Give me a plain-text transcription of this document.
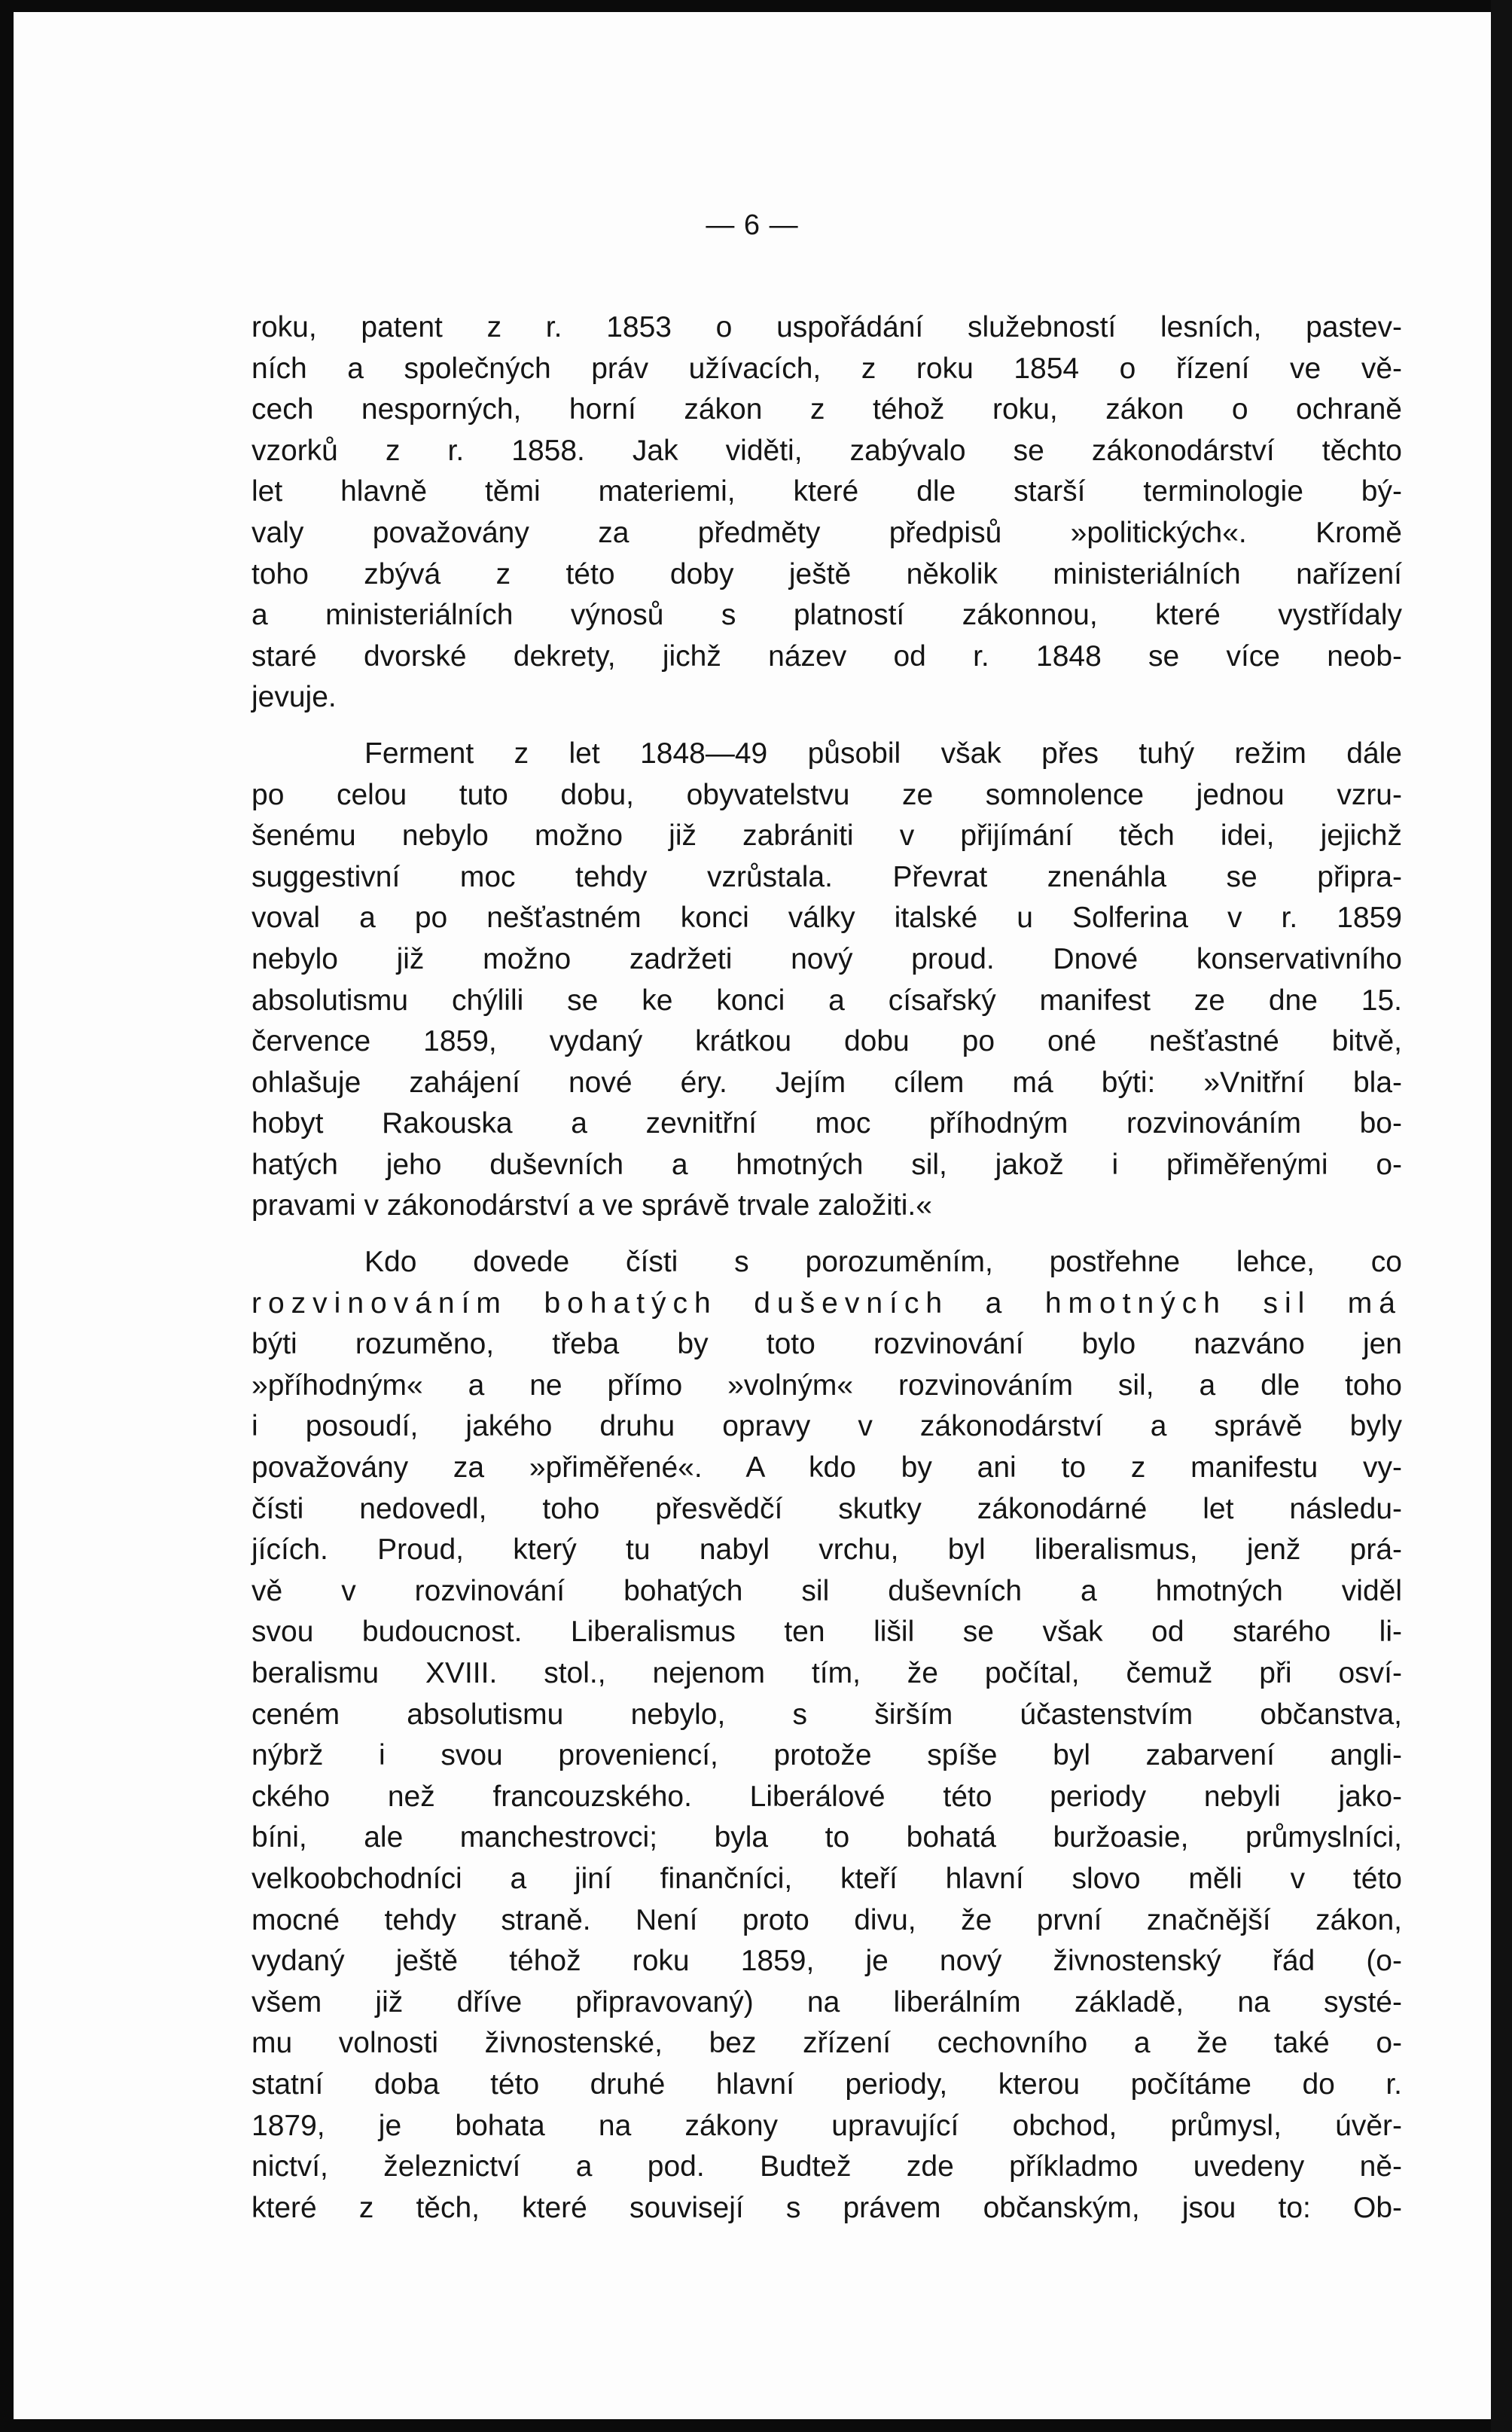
— 6 —
roku, patent z r. 1853 o uspořádání služebností lesních, pastev-
ních a společných práv užívacích, z roku 1854 o řízení ve vě-
cech nesporných, horní zákon z téhož roku, zákon o ochraně
vzorků z r. 1858. Jak viděti, zabývalo se zákonodárství těchto
let hlavně těmi materiemi, které dle starší terminologie bý-
valy považovány za předměty předpisů »politických«. Kromě
toho zbývá z této doby ještě několik ministeriálních nařízení
a ministeriálních výnosů s platností zákonnou, které vystřídaly
staré dvorské dekrety, jichž název od r. 1848 se více neob-
jevuje.
Ferment z let 1848—49 působil však přes tuhý režim dále
po celou tuto dobu, obyvatelstvu ze somnolence jednou vzru-
šenému nebylo možno již zabrániti v přijímání těch idei, jejichž
suggestivní moc tehdy vzrůstala. Převrat znenáhla se připra-
voval a po nešťastném konci války italské u Solferina v r. 1859
nebylo již možno zadržeti nový proud. Dnové konservativního
absolutismu chýlili se ke konci a císařský manifest ze dne 15.
července 1859, vydaný krátkou dobu po oné nešťastné bitvě,
ohlašuje zahájení nové éry. Jejím cílem má býti: »Vnitřní bla-
hobyt Rakouska a zevnitřní moc příhodným rozvinováním bo-
hatých jeho duševních a hmotných sil, jakož i přiměřenými o-
pravami v zákonodárství a ve správě trvale založiti.«
Kdo dovede čísti s porozuměním, postřehne lehce, co
rozvinováním bohatých duševních a hmotných sil má
býti rozuměno, třeba by toto rozvinování bylo nazváno jen
»příhodným« a ne přímo »volným« rozvinováním sil, a dle toho
i posoudí, jakého druhu opravy v zákonodárství a správě byly
považovány za »přiměřené«. A kdo by ani to z manifestu vy-
čísti nedovedl, toho přesvědčí skutky zákonodárné let následu-
jících. Proud, který tu nabyl vrchu, byl liberalismus, jenž prá-
vě v rozvinování bohatých sil duševních a hmotných viděl
svou budoucnost. Liberalismus ten lišil se však od starého li-
beralismu XVIII. stol., nejenom tím, že počítal, čemuž při osví-
ceném absolutismu nebylo, s širším účastenstvím občanstva,
nýbrž i svou proveniencí, protože spíše byl zabarvení angli-
ckého než francouzského. Liberálové této periody nebyli jako-
bíni, ale manchestrovci; byla to bohatá buržoasie, průmyslníci,
velkoobchodníci a jiní finančníci, kteří hlavní slovo měli v této
mocné tehdy straně. Není proto divu, že první značnější zákon,
vydaný ještě téhož roku 1859, je nový živnostenský řád (o-
všem již dříve připravovaný) na liberálním základě, na systé-
mu volnosti živnostenské, bez zřízení cechovního a že také o-
statní doba této druhé hlavní periody, kterou počítáme do r.
1879, je bohata na zákony upravující obchod, průmysl, úvěr-
nictví, železnictví a pod. Budtež zde příkladmo uvedeny ně-
které z těch, které souvisejí s právem občanským, jsou to: Ob-
